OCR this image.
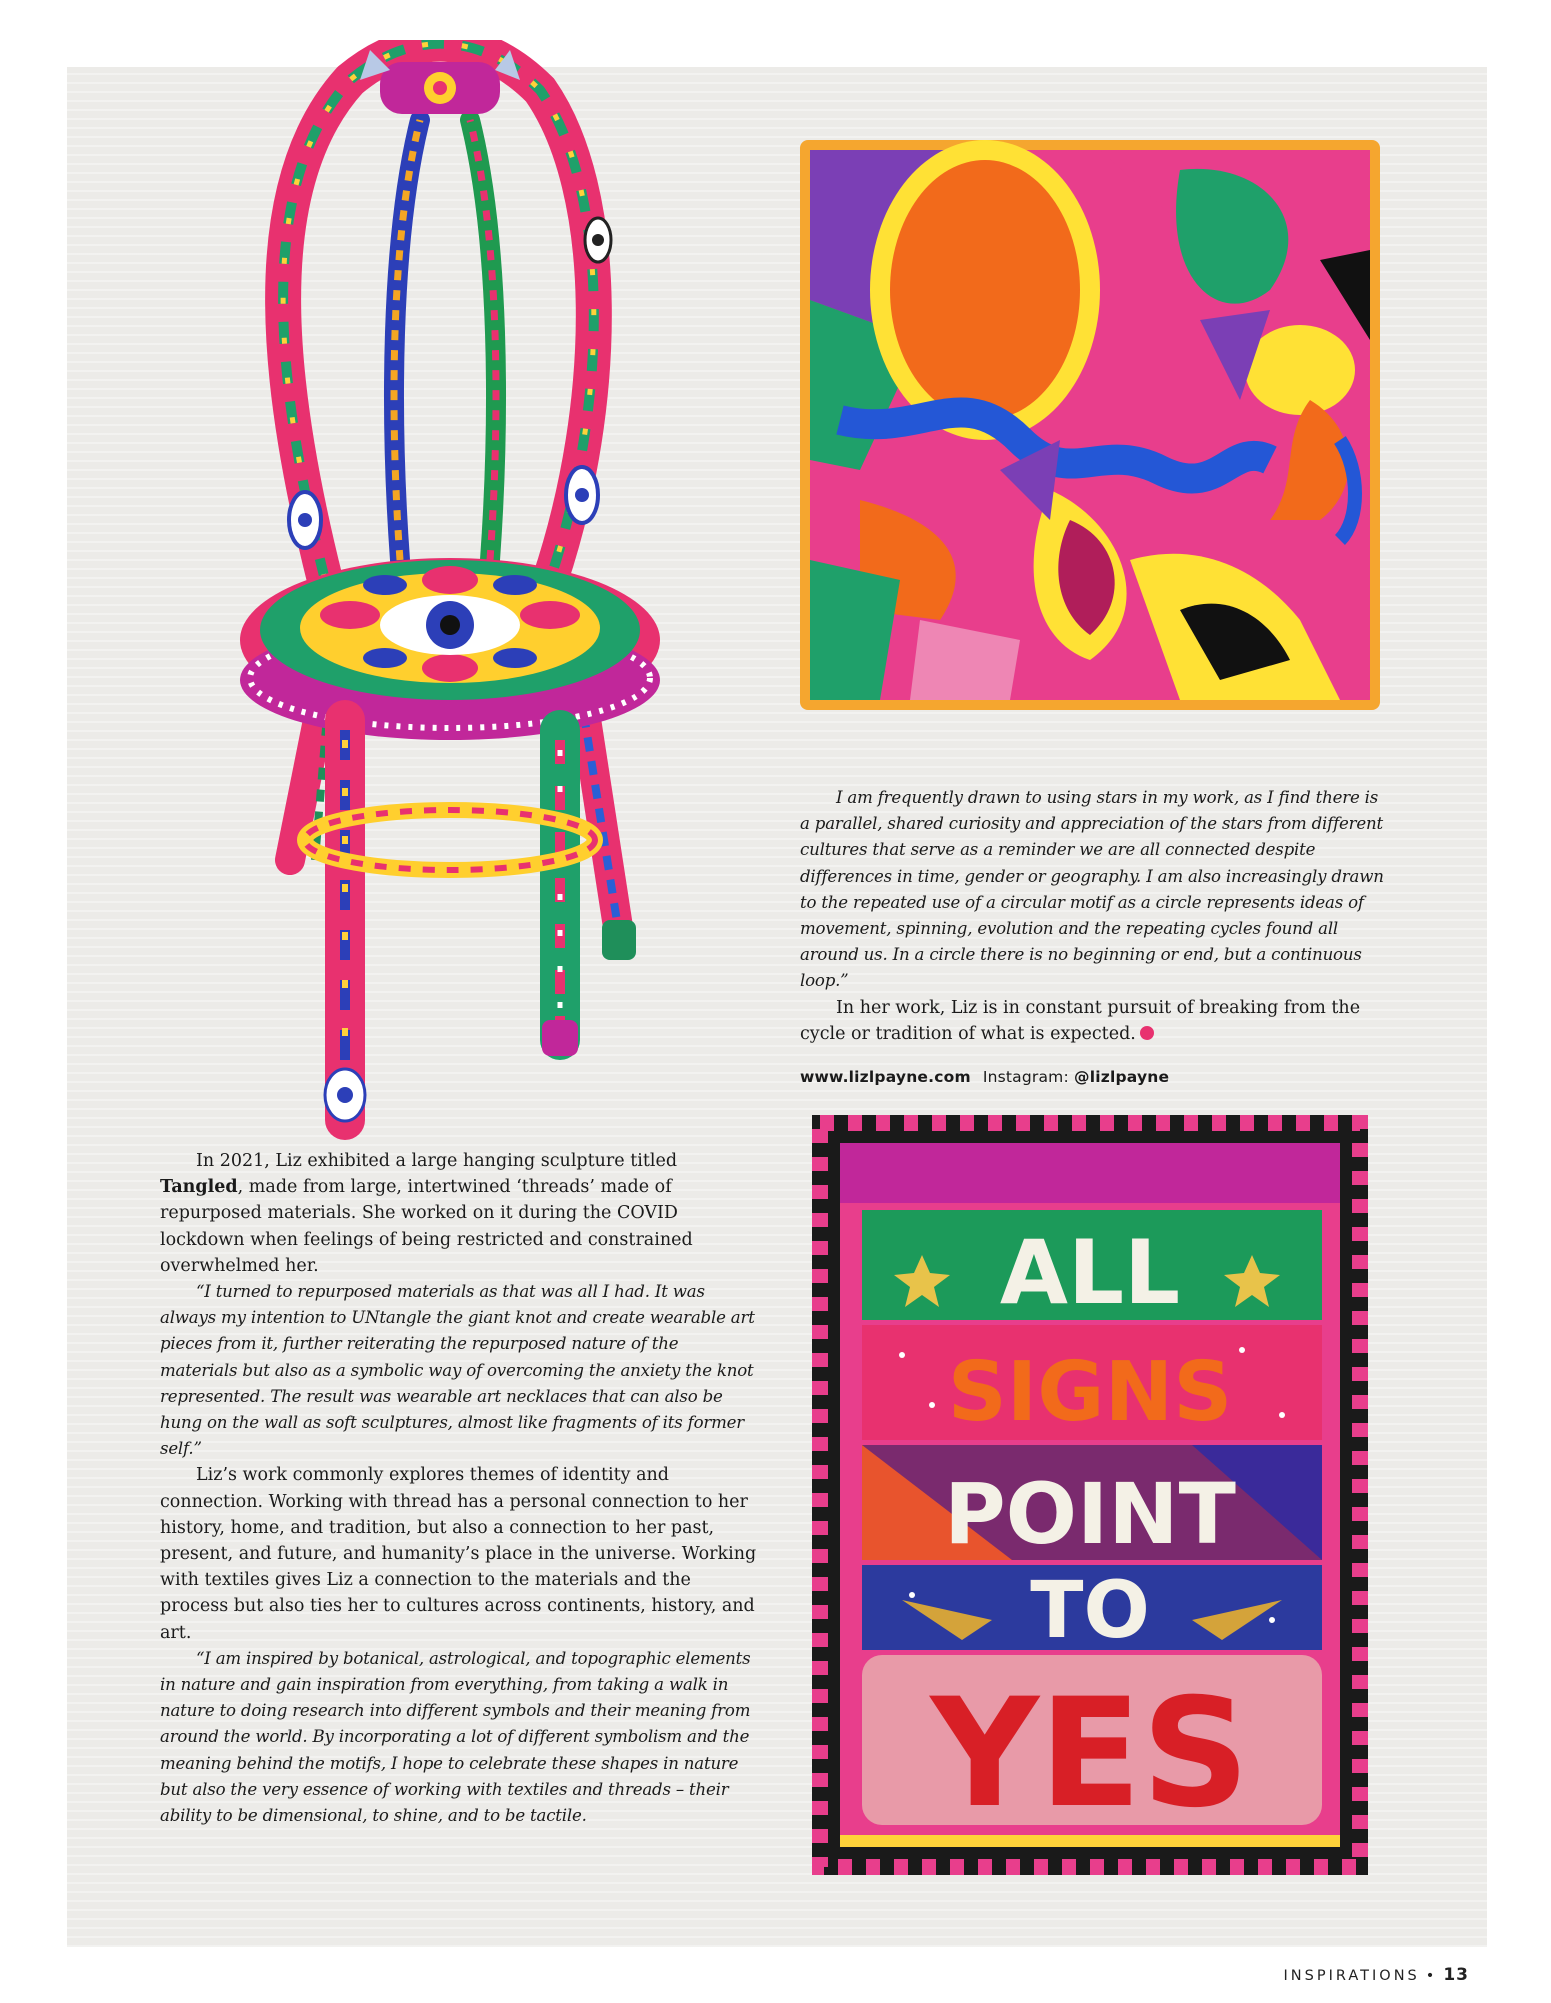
ALL
SIGNS
POINT
TO
YES

In 2021, Liz exhibited a large hanging sculpture titled Tangled, made from large, intertwined ‘threads’ made of repurposed materials. She worked on it during the COVID lockdown when feelings of being restricted and constrained overwhelmed her.

“I turned to repurposed materials as that was all I had. It was always my intention to UNtangle the giant knot and create wearable art pieces from it, further reiterating the repurposed nature of the materials but also as a symbolic way of overcoming the anxiety the knot represented. The result was wearable art necklaces that can also be hung on the wall as soft sculptures, almost like fragments of its former self.”

Liz’s work commonly explores themes of identity and connection. Working with thread has a personal connection to her history, home, and tradition, but also a connection to her past, present, and future, and humanity’s place in the universe. Working with textiles gives Liz a connection to the materials and the process but also ties her to cultures across continents, history, and art.

“I am inspired by botanical, astrological, and topographic elements in nature and gain inspiration from everything, from taking a walk in nature to doing research into different symbols and their meaning from around the world. By incorporating a lot of different symbolism and the meaning behind the motifs, I hope to celebrate these shapes in nature but also the very essence of working with textiles and threads – their ability to be dimensional, to shine, and to be tactile.

I am frequently drawn to using stars in my work, as I find there is a parallel, shared curiosity and appreciation of the stars from different cultures that serve as a reminder we are all connected despite differences in time, gender or geography. I am also increasingly drawn to the repeated use of a circular motif as a circle represents ideas of movement, spinning, evolution and the repeating cycles found all around us. In a circle there is no beginning or end, but a continuous loop.”

In her work, Liz is in constant pursuit of breaking from the cycle or tradition of what is expected.

www.lizlpayne.com Instagram: @lizlpayne
INSPIRATIONS • 13
